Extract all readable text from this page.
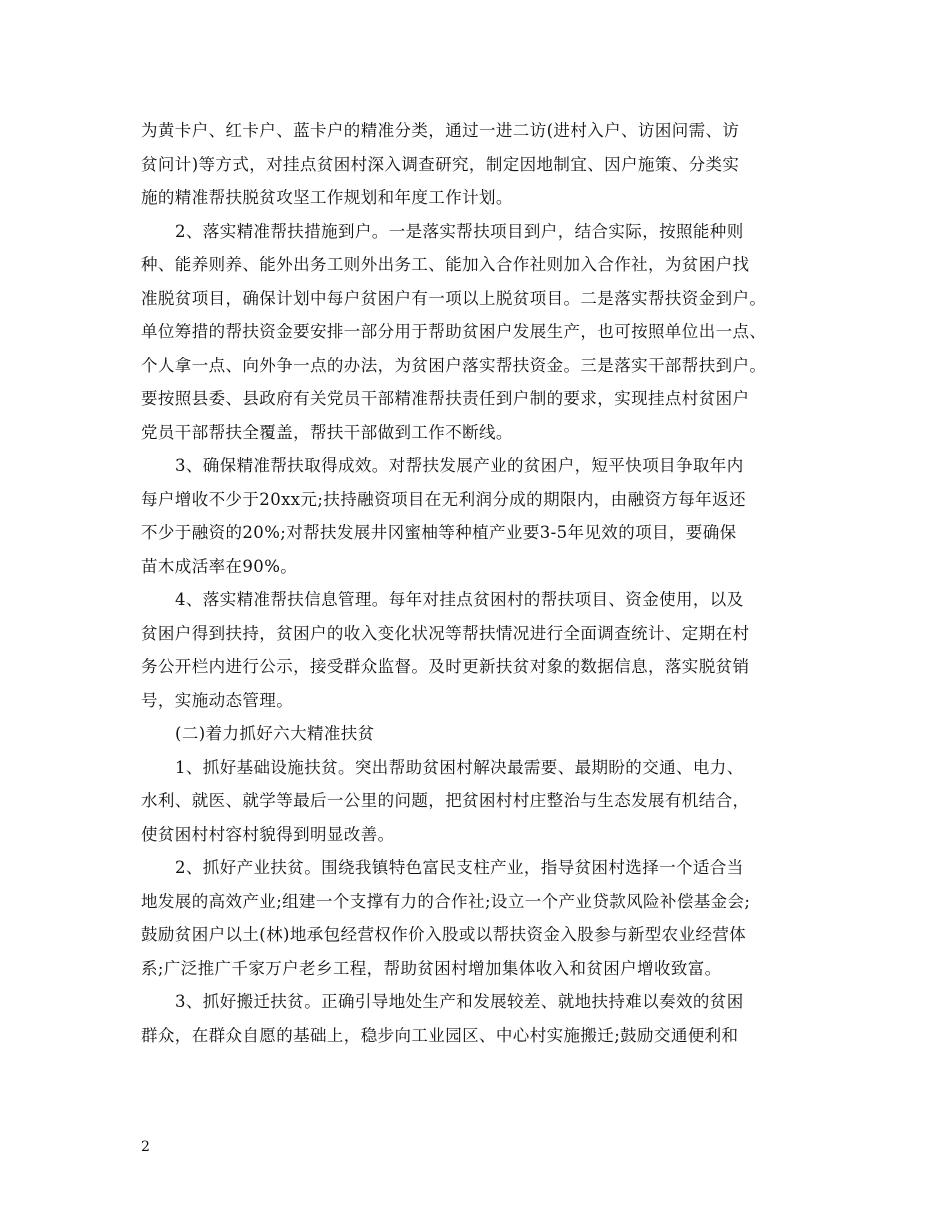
为黄卡户、红卡户、蓝卡户的精准分类，通过一进二访(进村入户、访困问需、访
贫问计)等方式，对挂点贫困村深入调查研究，制定因地制宜、因户施策、分类实
施的精准帮扶脱贫攻坚工作规划和年度工作计划。
2、落实精准帮扶措施到户。一是落实帮扶项目到户，结合实际，按照能种则
种、能养则养、能外出务工则外出务工、能加入合作社则加入合作社，为贫困户找
准脱贫项目，确保计划中每户贫困户有一项以上脱贫项目。二是落实帮扶资金到户。
单位筹措的帮扶资金要安排一部分用于帮助贫困户发展生产，也可按照单位出一点、
个人拿一点、向外争一点的办法，为贫困户落实帮扶资金。三是落实干部帮扶到户。
要按照县委、县政府有关党员干部精准帮扶责任到户制的要求，实现挂点村贫困户
党员干部帮扶全覆盖，帮扶干部做到工作不断线。
3、确保精准帮扶取得成效。对帮扶发展产业的贫困户，短平快项目争取年内
每户增收不少于20xx元;扶持融资项目在无利润分成的期限内，由融资方每年返还
不少于融资的20%;对帮扶发展井冈蜜柚等种植产业要3-5年见效的项目，要确保
苗木成活率在90%。
4、落实精准帮扶信息管理。每年对挂点贫困村的帮扶项目、资金使用，以及
贫困户得到扶持，贫困户的收入变化状况等帮扶情况进行全面调查统计、定期在村
务公开栏内进行公示，接受群众监督。及时更新扶贫对象的数据信息，落实脱贫销
号，实施动态管理。
(二)着力抓好六大精准扶贫
1、抓好基础设施扶贫。突出帮助贫困村解决最需要、最期盼的交通、电力、
水利、就医、就学等最后一公里的问题，把贫困村村庄整治与生态发展有机结合，
使贫困村村容村貌得到明显改善。
2、抓好产业扶贫。围绕我镇特色富民支柱产业，指导贫困村选择一个适合当
地发展的高效产业;组建一个支撑有力的合作社;设立一个产业贷款风险补偿基金会;
鼓励贫困户以土(林)地承包经营权作价入股或以帮扶资金入股参与新型农业经营体
系;广泛推广千家万户老乡工程，帮助贫困村增加集体收入和贫困户增收致富。
3、抓好搬迁扶贫。正确引导地处生产和发展较差、就地扶持难以奏效的贫困
群众，在群众自愿的基础上，稳步向工业园区、中心村实施搬迁;鼓励交通便利和
2
